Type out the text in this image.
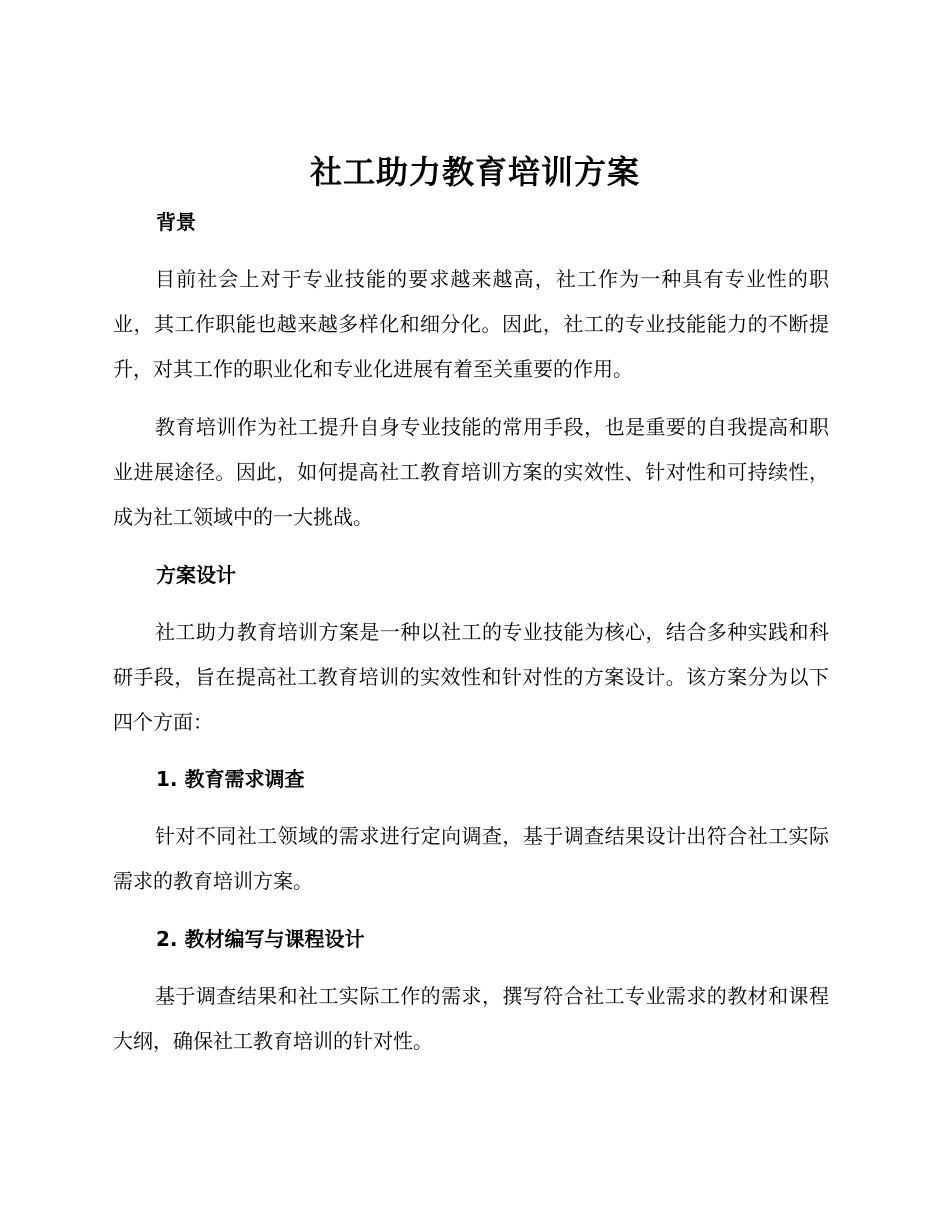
社工助力教育培训方案
背景

目前社会上对于专业技能的要求越来越高，社工作为一种具有专业性的职业，其工作职能也越来越多样化和细分化。因此，社工的专业技能能力的不断提升，对其工作的职业化和专业化进展有着至关重要的作用。

教育培训作为社工提升自身专业技能的常用手段，也是重要的自我提高和职业进展途径。因此，如何提高社工教育培训方案的实效性、针对性和可持续性，成为社工领域中的一大挑战。

方案设计

社工助力教育培训方案是一种以社工的专业技能为核心，结合多种实践和科研手段，旨在提高社工教育培训的实效性和针对性的方案设计。该方案分为以下四个方面：

1. 教育需求调查

针对不同社工领域的需求进行定向调查，基于调查结果设计出符合社工实际需求的教育培训方案。

2. 教材编写与课程设计

基于调查结果和社工实际工作的需求，撰写符合社工专业需求的教材和课程大纲，确保社工教育培训的针对性。
